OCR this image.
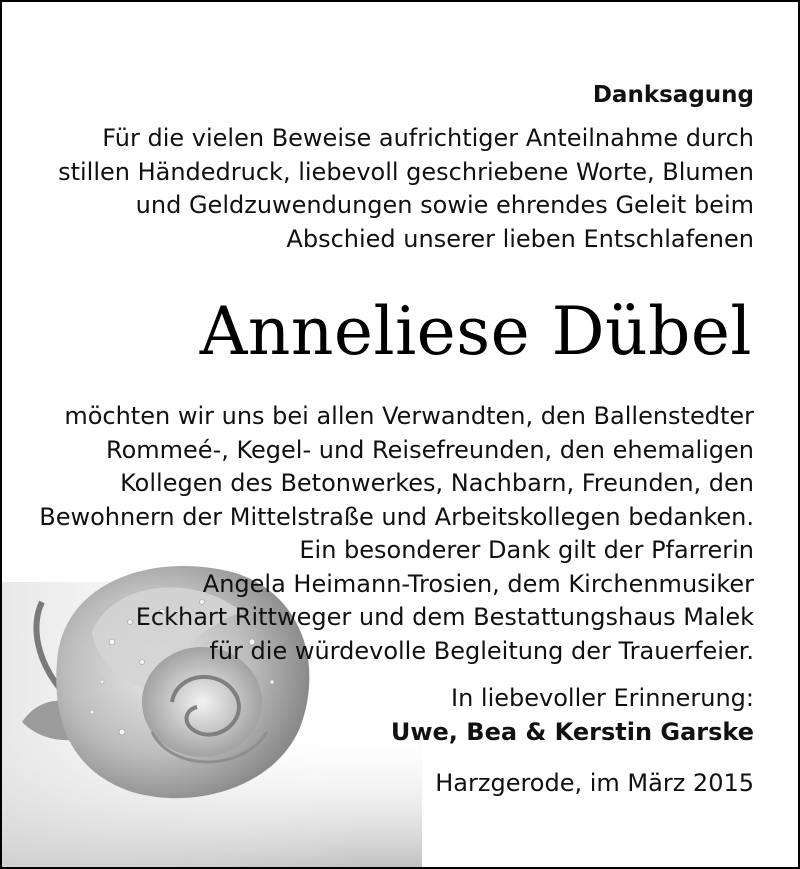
Danksagung

Für die vielen Beweise aufrichtiger Anteilnahme durch
stillen Händedruck, liebevoll geschriebene Worte, Blumen
und Geldzuwendungen sowie ehrendes Geleit beim
Abschied unserer lieben Entschlafenen

Anneliese Dübel

möchten wir uns bei allen Verwandten, den Ballenstedter
Rommeé-, Kegel- und Reisefreunden, den ehemaligen
Kollegen des Betonwerkes, Nachbarn, Freunden, den
Bewohnern der Mittelstraße und Arbeitskollegen bedanken.
Ein besonderer Dank gilt der Pfarrerin
Angela Heimann-Trosien, dem Kirchenmusiker
Eckhart Rittweger und dem Bestattungshaus Malek
für die würdevolle Begleitung der Trauerfeier.

In liebevoller Erinnerung:
Uwe, Bea & Kerstin Garske

Harzgerode, im März 2015
